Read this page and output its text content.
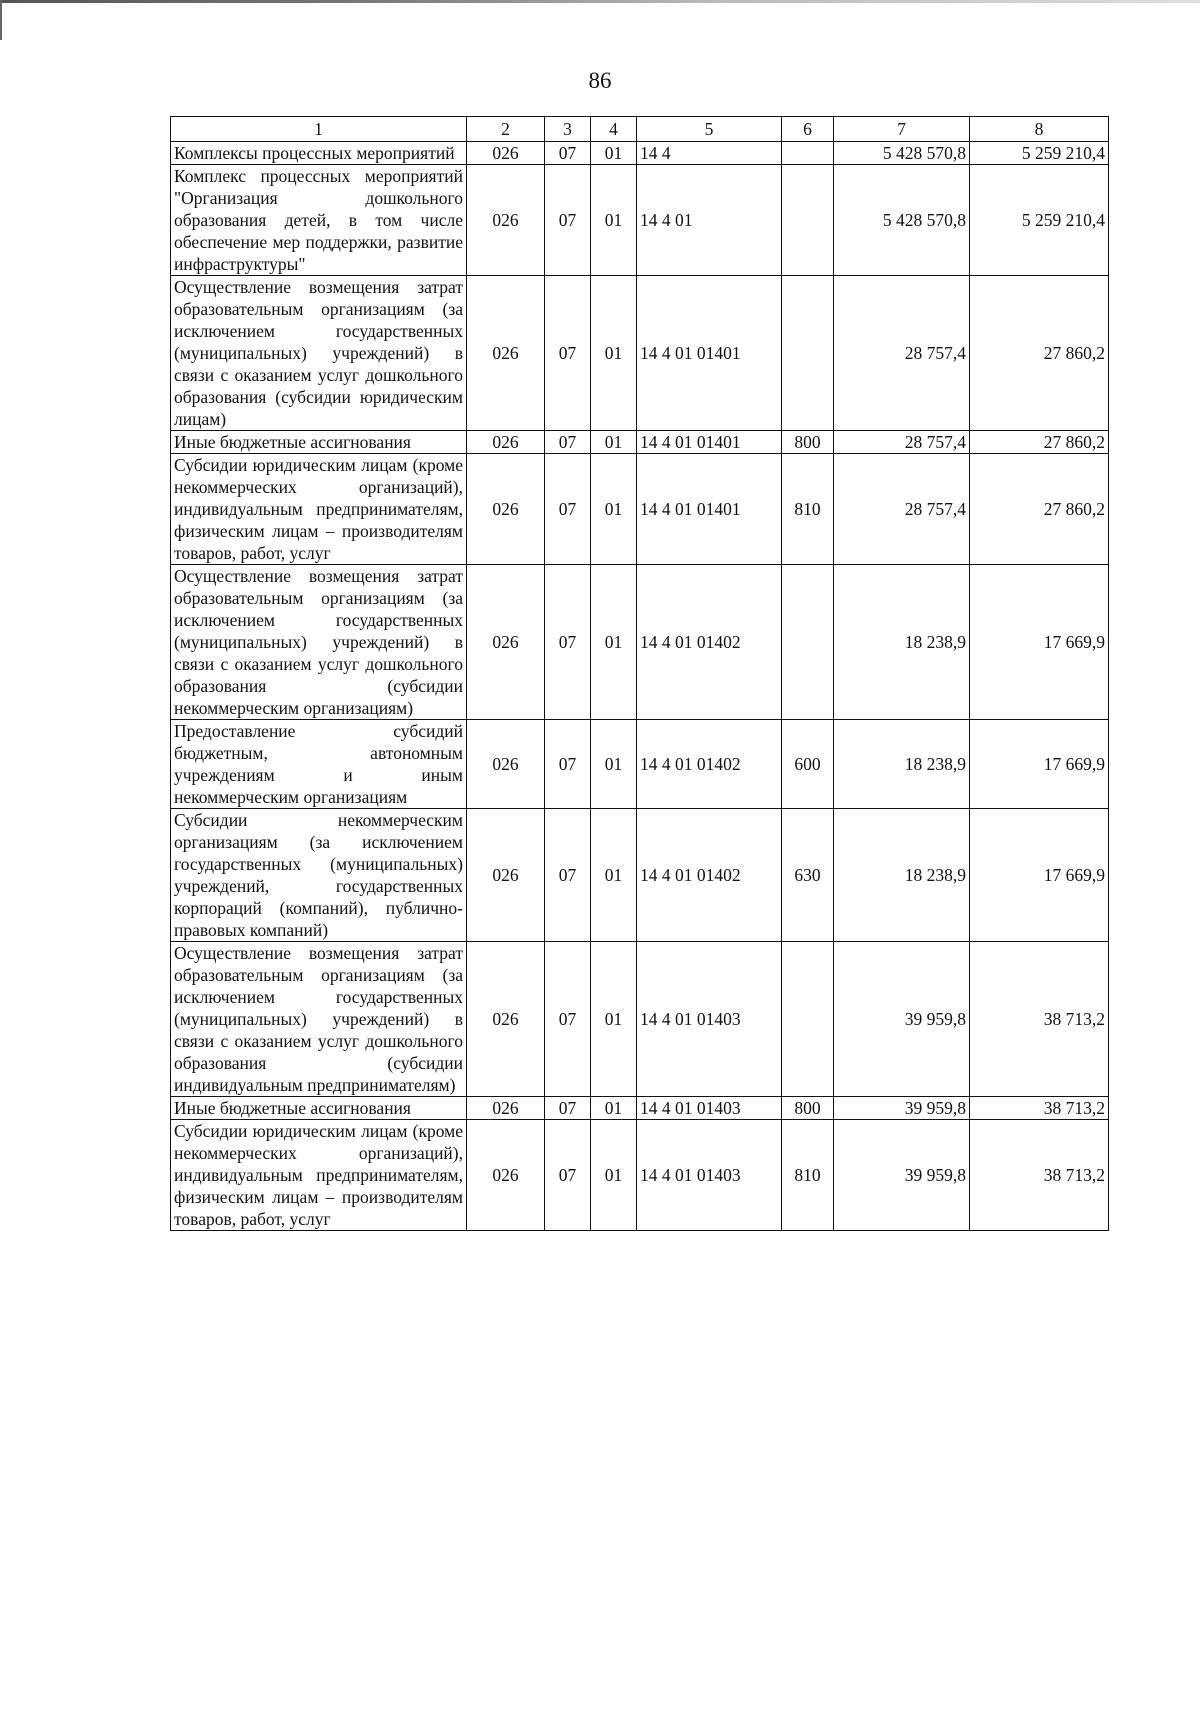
86
1	2	3	4	5	6	7	8
Комплексы процессных мероприятий	026	07	01	14 4		5 428 570,8	5 259 210,4
Комплекс процессных мероприятий "Организация дошкольного образования детей, в том числе обеспечение мер поддержки, развитие инфраструктуры"	026	07	01	14 4 01		5 428 570,8	5 259 210,4
Осуществление возмещения затрат образовательным организациям (за исключением государственных (муниципальных) учреждений) в связи с оказанием услуг дошкольного образования (субсидии юридическим лицам)	026	07	01	14 4 01 01401		28 757,4	27 860,2
Иные бюджетные ассигнования	026	07	01	14 4 01 01401	800	28 757,4	27 860,2
Субсидии юридическим лицам (кроме некоммерческих организаций), индивидуальным предпринимателям, физическим лицам – производителям товаров, работ, услуг	026	07	01	14 4 01 01401	810	28 757,4	27 860,2
Осуществление возмещения затрат образовательным организациям (за исключением государственных (муниципальных) учреждений) в связи с оказанием услуг дошкольного образования (субсидии некоммерческим организациям)	026	07	01	14 4 01 01402		18 238,9	17 669,9
Предоставление субсидий бюджетным, автономным учреждениям и иным некоммерческим организациям	026	07	01	14 4 01 01402	600	18 238,9	17 669,9
Субсидии некоммерческим организациям (за исключением государственных (муниципальных) учреждений, государственных корпораций (компаний), публично-правовых компаний)	026	07	01	14 4 01 01402	630	18 238,9	17 669,9
Осуществление возмещения затрат образовательным организациям (за исключением государственных (муниципальных) учреждений) в связи с оказанием услуг дошкольного образования (субсидии индивидуальным предпринимателям)	026	07	01	14 4 01 01403		39 959,8	38 713,2
Иные бюджетные ассигнования	026	07	01	14 4 01 01403	800	39 959,8	38 713,2
Субсидии юридическим лицам (кроме некоммерческих организаций), индивидуальным предпринимателям, физическим лицам – производителям товаров, работ, услуг	026	07	01	14 4 01 01403	810	39 959,8	38 713,2
